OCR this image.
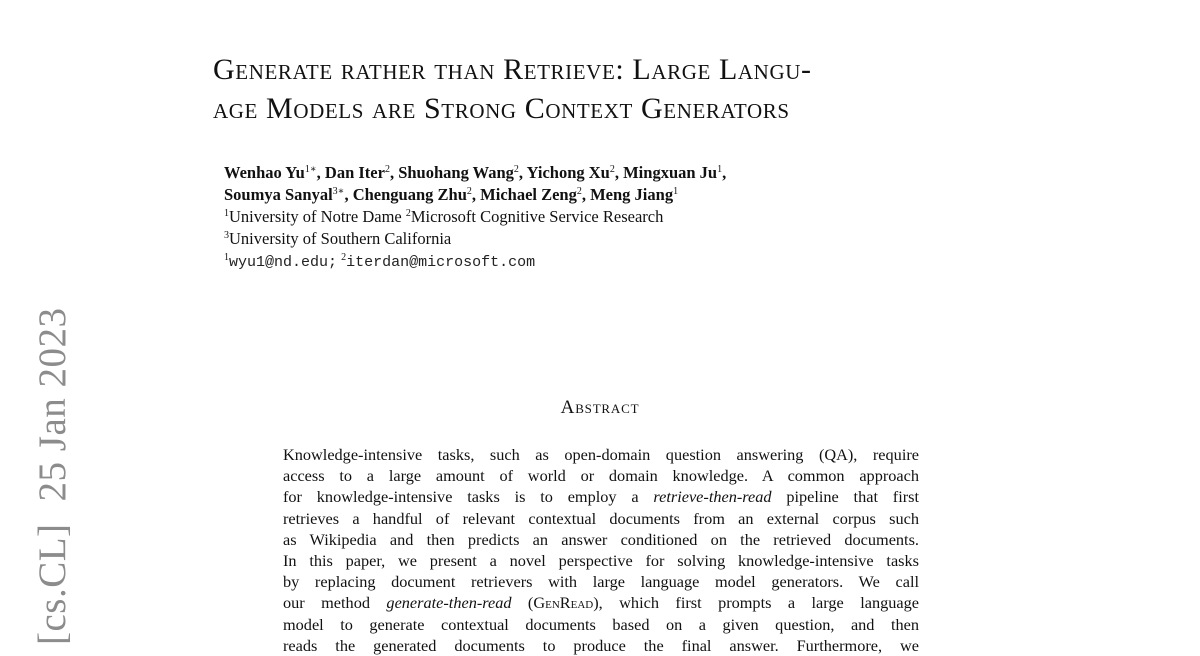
[cs.CL]25 Jan 2023
Generate rather than Retrieve: Large Langu-
age Models are Strong Context Generators
Wenhao $Yu^{1∗}$, Dan Iter$^2$, Shuohang Wang$^2$, Yichong Xu$^2$, Mingxuan Ju$^1$,
Soumya Sanyal$^{3∗}$, Chenguang Zhu$^2$, Michael Zeng$^2$, Meng Jiang$^1$
$^1$University of Notre Dame $^2$Microsoft Cognitive Service Research
$^3$University of Southern California
$^1$wyu1@nd.edu; $^2$iterdan@microsoft.com
Abstract
Knowledge-intensive tasks, such as open-domain question answering (QA), require
access to a large amount of world or domain knowledge. A common approach
for knowledge-intensive tasks is to employ a retrieve-then-read pipeline that first
retrieves a handful of relevant contextual documents from an external corpus such
as Wikipedia and then predicts an answer conditioned on the retrieved documents.
In this paper, we present a novel perspective for solving knowledge-intensive tasks
by replacing document retrievers with large language model generators. We call
our method generate-then-read (GenRead), which first prompts a large language
model to generate contextual documents based on a given question, and then
reads the generated documents to produce the final answer. Furthermore, we
